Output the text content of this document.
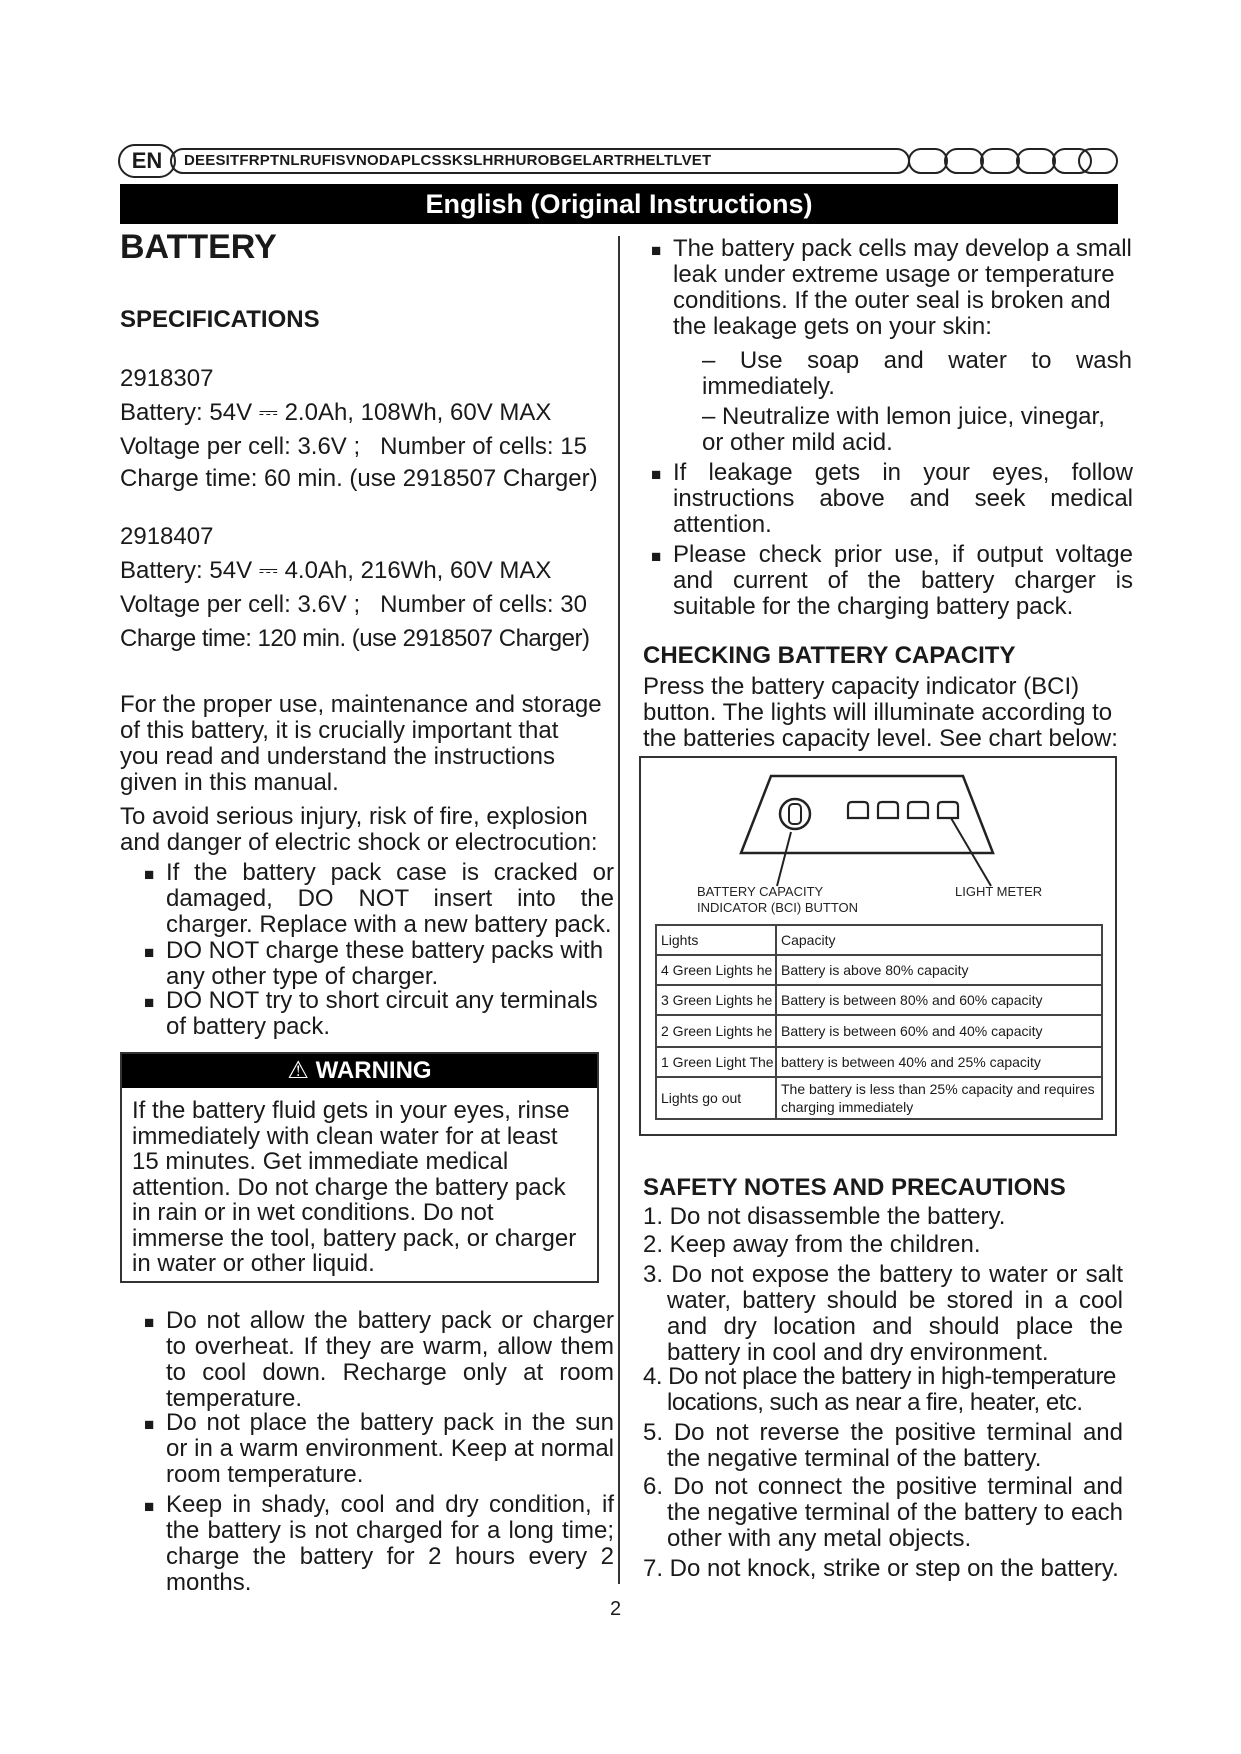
DEESITFRPTNLRUFISVNODAPLCSSKSLHRHUROBGELARTRHELTLVET
EN
English (Original Instructions)
BATTERY
SPECIFICATIONS
2918307
Battery: 54V ⎓ 2.0Ah, 108Wh, 60V MAX
Voltage per cell: 3.6V ; Number of cells: 15
Charge time: 60 min. (use 2918507 Charger)
2918407
Battery: 54V ⎓ 4.0Ah, 216Wh, 60V MAX
Voltage per cell: 3.6V ; Number of cells: 30
Charge time: 120 min. (use 2918507 Charger)
For the proper use, maintenance and storage of this battery, it is crucially important that you read and understand the instructions given in this manual.
To avoid serious injury, risk of fire, explosion and danger of electric shock or electrocution:
■ If the battery pack case is cracked or damaged, DO NOT insert into the charger. Replace with a new battery pack.
■ DO NOT charge these battery packs with any other type of charger.
■ DO NOT try to short circuit any terminals of battery pack.
⚠ WARNING
If the battery fluid gets in your eyes, rinse immediately with clean water for at least 15 minutes. Get immediate medical attention. Do not charge the battery pack in rain or in wet conditions. Do not immerse the tool, battery pack, or charger in water or other liquid.
■ Do not allow the battery pack or charger to overheat. If they are warm, allow them to cool down. Recharge only at room temperature.
■ Do not place the battery pack in the sun or in a warm environment. Keep at normal room temperature.
■ Keep in shady, cool and dry condition, if the battery is not charged for a long time; charge the battery for 2 hours every 2 months.
■ The battery pack cells may develop a small leak under extreme usage or temperature conditions. If the outer seal is broken and the leakage gets on your skin:
– Use soap and water to wash immediately.
– Neutralize with lemon juice, vinegar, or other mild acid.
■ If leakage gets in your eyes, follow instructions above and seek medical attention.
■ Please check prior use, if output voltage and current of the battery charger is suitable for the charging battery pack.
CHECKING BATTERY CAPACITY
Press the battery capacity indicator (BCI) button. The lights will illuminate according to the batteries capacity level. See chart below:
BATTERY CAPACITY
INDICATOR (BCI) BUTTON
LIGHT METER
Lights	Capacity
4 Green Lights he	Battery is above 80% capacity
3 Green Lights he	Battery is between 80% and 60% capacity
2 Green Lights he	Battery is between 60% and 40% capacity
1 Green Light The	battery is between 40% and 25% capacity
Lights go out	The battery is less than 25% capacity and requires charging immediately
SAFETY NOTES AND PRECAUTIONS
1. Do not disassemble the battery.
2. Keep away from the children.
3. Do not expose the battery to water or salt water, battery should be stored in a cool and dry location and should place the battery in cool and dry environment.
4. Do not place the battery in high-temperature locations, such as near a fire, heater, etc.
5. Do not reverse the positive terminal and the negative terminal of the battery.
6. Do not connect the positive terminal and the negative terminal of the battery to each other with any metal objects.
7. Do not knock, strike or step on the battery.
2
